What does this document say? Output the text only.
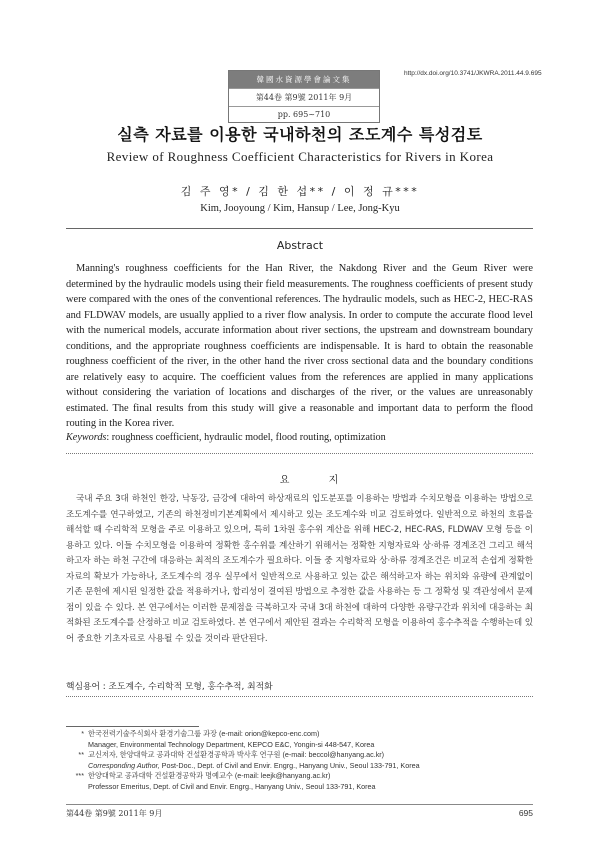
韓國水資源學會論文集
第44卷 第9號 2011年 9月
pp. 695~710
http://dx.doi.org/10.3741/JKWRA.2011.44.9.695
실측 자료를 이용한 국내하천의 조도계수 특성검토
Review of Roughness Coefficient Characteristics for Rivers in Korea
김 주 영* / 김 한 섭** / 이 정 규***
Kim, Jooyoung / Kim, Hansup / Lee, Jong-Kyu
Abstract
Manning's roughness coefficients for the Han River, the Nakdong River and the Geum River were determined by the hydraulic models using their field measurements. The roughness coefficients of present study were compared with the ones of the conventional references. The hydraulic models, such as HEC-2, HEC-RAS and FLDWAV models, are usually applied to a river flow analysis. In order to compute the accurate flood level with the numerical models, accurate information about river sections, the upstream and downstream boundary conditions, and the appropriate roughness coefficients are indispensable. It is hard to obtain the reasonable roughness coefficient of the river, in the other hand the river cross sectional data and the boundary conditions are relatively easy to acquire. The coefficient values from the references are applied in many applications without considering the variation of locations and discharges of the river, or the values are unreasonably estimated. The final results from this study will give a reasonable and important data to perform the flood routing in the Korea river.
Keywords: roughness coefficient, hydraulic model, flood routing, optimization
요 지
국내 주요 3대 하천인 한강, 낙동강, 금강에 대하여 하상재료의 입도분포를 이용하는 방법과 수치모형을 이용하는 방법으로 조도계수를 연구하였고, 기존의 하천정비기본계획에서 제시하고 있는 조도계수와 비교 검토하였다. 일반적으로 하천의 흐름을 해석할 때 수리학적 모형을 주로 이용하고 있으며, 특히 1차원 홍수위 계산을 위해 HEC-2, HEC-RAS, FLDWAV 모형 등을 이용하고 있다. 이들 수치모형을 이용하여 정확한 홍수위를 계산하기 위해서는 정확한 지형자료와 상·하류 경계조건 그리고 해석하고자 하는 하천 구간에 대응하는 최적의 조도계수가 필요하다. 이들 중 지형자료와 상·하류 경계조건은 비교적 손쉽게 정확한 자료의 확보가 가능하나, 조도계수의 경우 실무에서 일반적으로 사용하고 있는 값은 해석하고자 하는 위치와 유량에 관계없이 기존 문헌에 제시된 일정한 값을 적용하거나, 합리성이 결여된 방법으로 추정한 값을 사용하는 등 그 정확성 및 객관성에서 문제점이 있을 수 있다. 본 연구에서는 이러한 문제점을 극복하고자 국내 3대 하천에 대하여 다양한 유량구간과 위치에 대응하는 최적화된 조도계수를 산정하고 비교 검토하였다. 본 연구에서 제안된 결과는 수리학적 모형을 이용하여 홍수추적을 수행하는데 있어 중요한 기초자료로 사용될 수 있을 것이라 판단된다.
핵심용어 : 조도계수, 수리학적 모형, 홍수추적, 최적화
* 한국전력기술주식회사 환경기술그룹 과장 (e-mail: orion@kepco-enc.com)
Manager, Environmental Technology Department, KEPCO E&C, Yongin-si 448-547, Korea
** 교신저자, 한양대학교 공과대학 건설환경공학과 박사후 연구원 (e-mail: beccol@hanyang.ac.kr)
Corresponding Author, Post-Doc., Dept. of Civil and Envir. Engrg., Hanyang Univ., Seoul 133-791, Korea
*** 한양대학교 공과대학 건설환경공학과 명예교수 (e-mail: leejk@hanyang.ac.kr)
Professor Emeritus, Dept. of Civil and Envir. Engrg., Hanyang Univ., Seoul 133-791, Korea
第44卷 第9號 2011年 9月	695
